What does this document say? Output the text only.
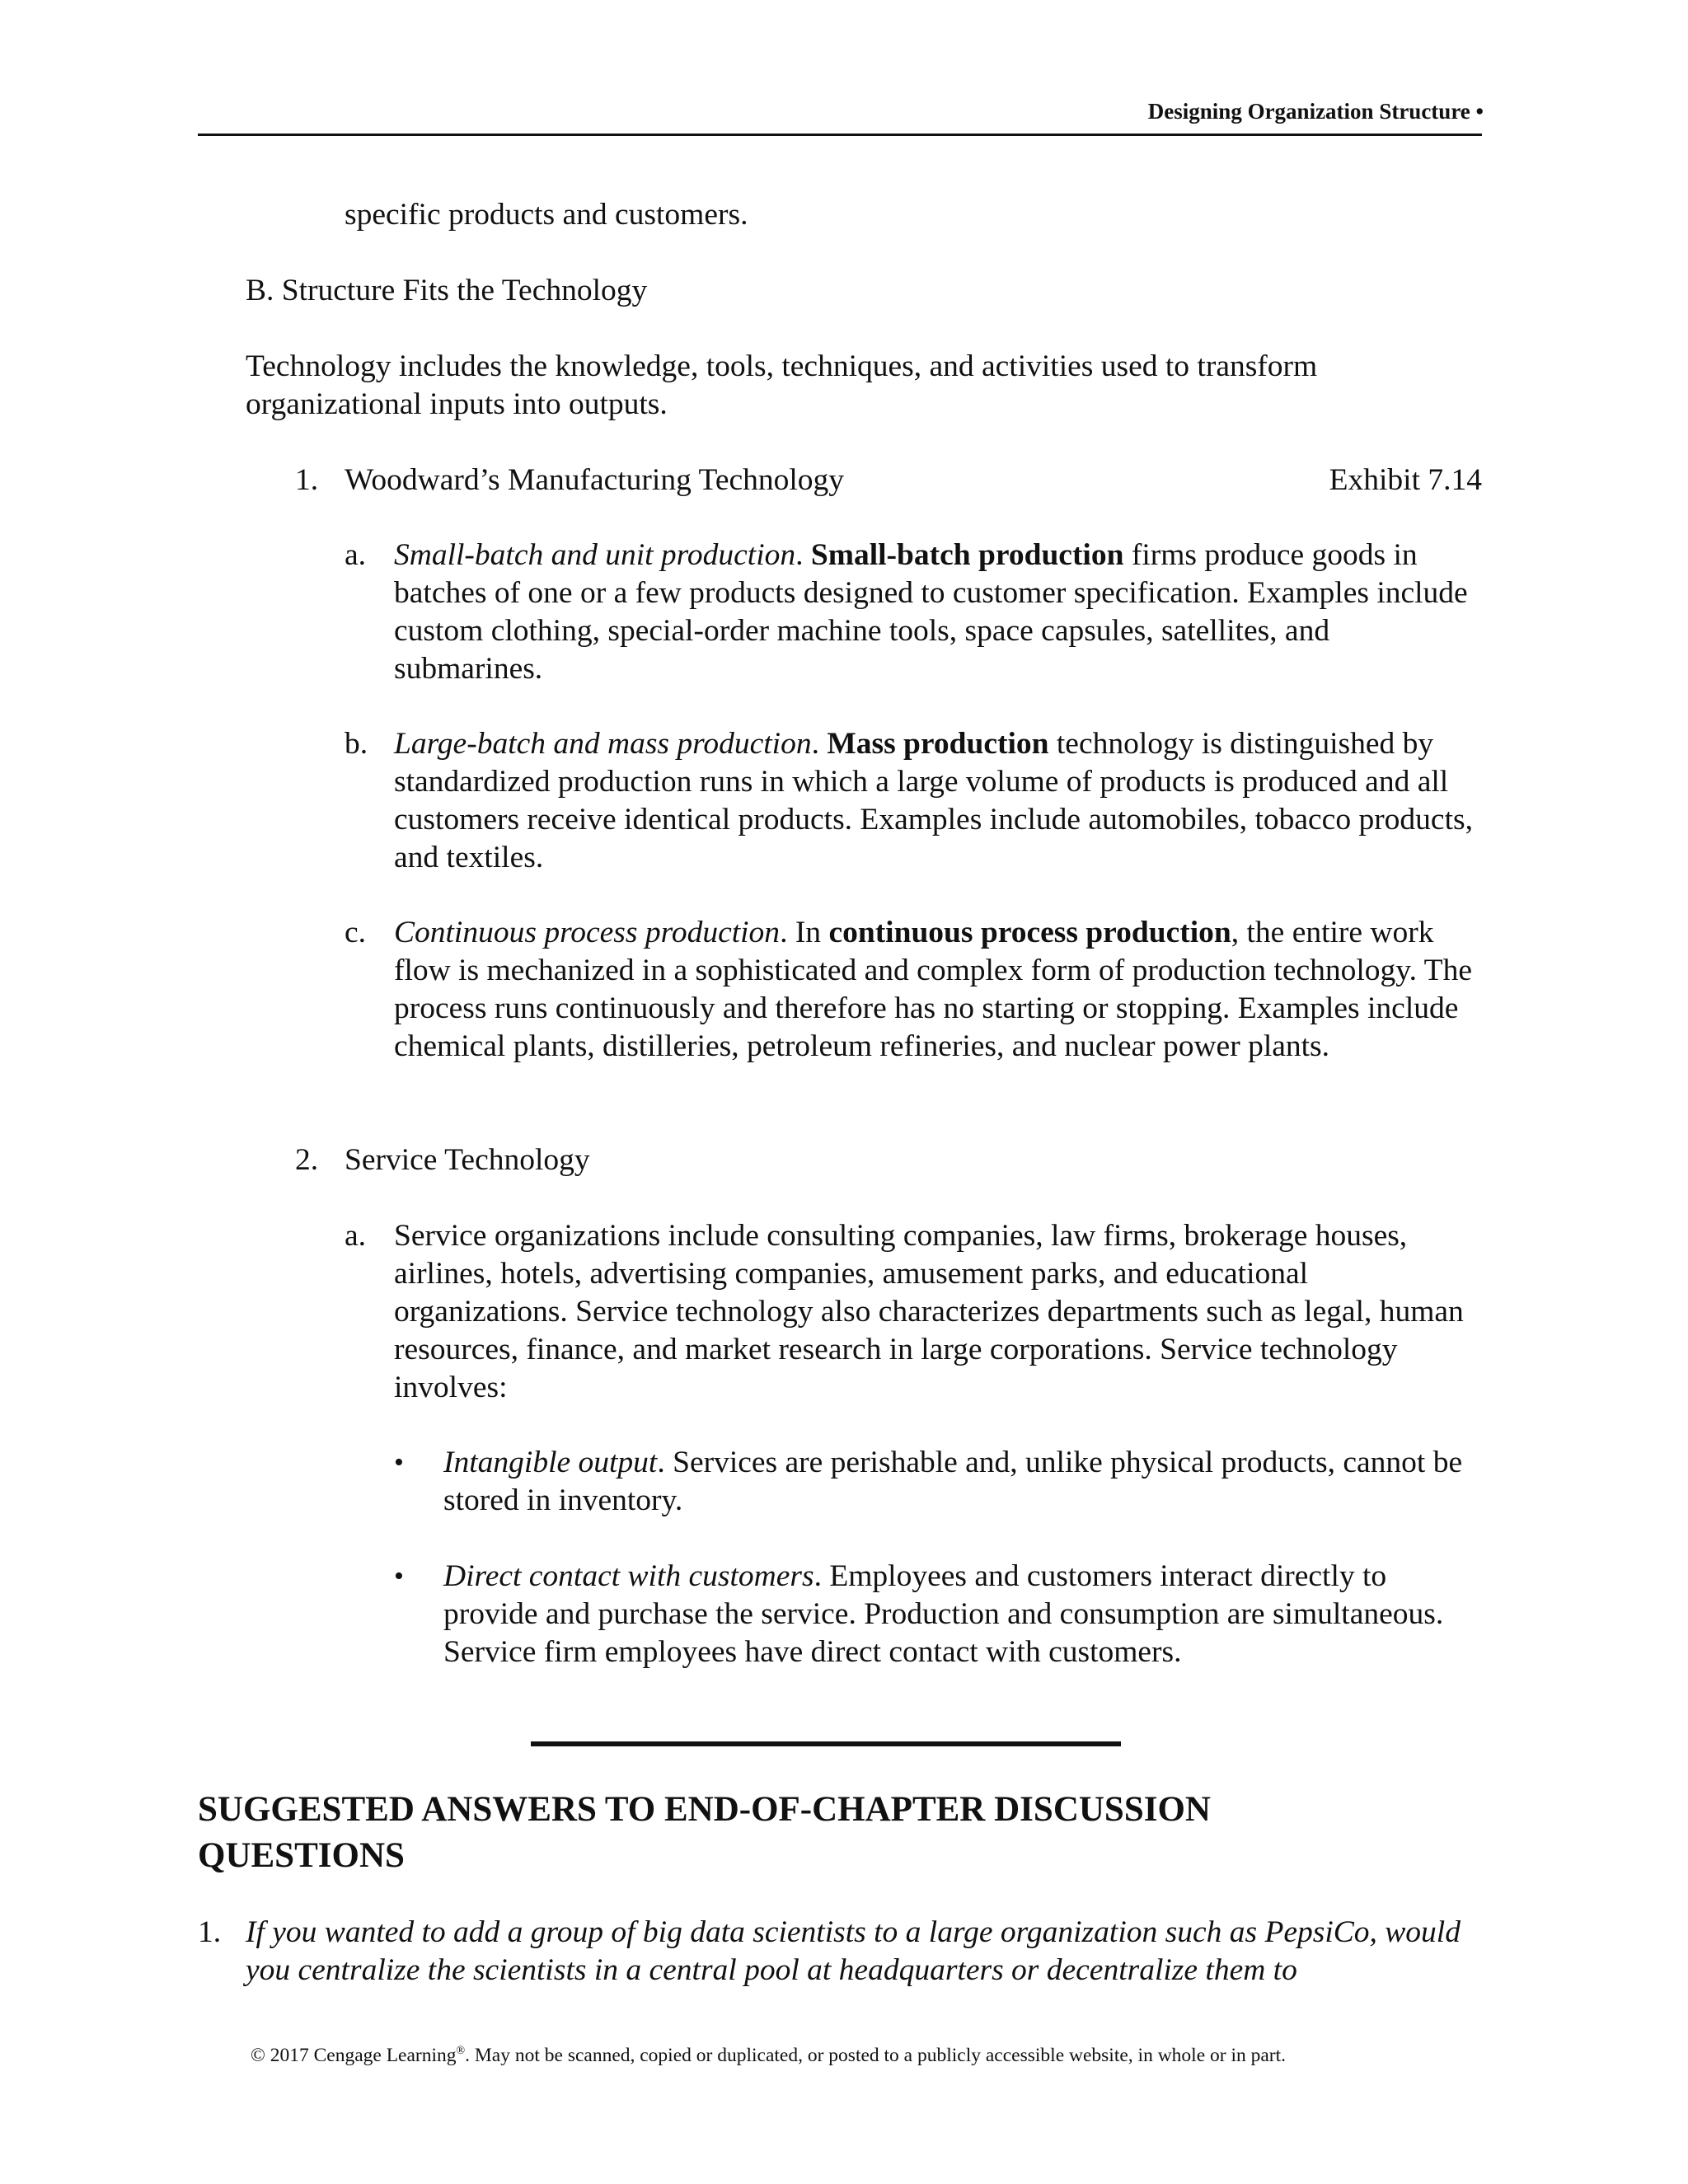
Designing Organization Structure •
specific products and customers.
B. Structure Fits the Technology
Technology includes the knowledge, tools, techniques, and activities used to transform organizational inputs into outputs.
1. Woodward’s Manufacturing Technology	Exhibit 7.14
a. Small-batch and unit production. Small-batch production firms produce goods in batches of one or a few products designed to customer specification. Examples include custom clothing, special-order machine tools, space capsules, satellites, and submarines.
b. Large-batch and mass production. Mass production technology is distinguished by standardized production runs in which a large volume of products is produced and all customers receive identical products. Examples include automobiles, tobacco products, and textiles.
c. Continuous process production. In continuous process production, the entire work flow is mechanized in a sophisticated and complex form of production technology. The process runs continuously and therefore has no starting or stopping. Examples include chemical plants, distilleries, petroleum refineries, and nuclear power plants.
2. Service Technology
a. Service organizations include consulting companies, law firms, brokerage houses, airlines, hotels, advertising companies, amusement parks, and educational organizations. Service technology also characterizes departments such as legal, human resources, finance, and market research in large corporations. Service technology involves:
• Intangible output. Services are perishable and, unlike physical products, cannot be stored in inventory.
• Direct contact with customers. Employees and customers interact directly to provide and purchase the service. Production and consumption are simultaneous. Service firm employees have direct contact with customers.
SUGGESTED ANSWERS TO END-OF-CHAPTER DISCUSSION QUESTIONS
1. If you wanted to add a group of big data scientists to a large organization such as PepsiCo, would you centralize the scientists in a central pool at headquarters or decentralize them to
© 2017 Cengage Learning®. May not be scanned, copied or duplicated, or posted to a publicly accessible website, in whole or in part.
